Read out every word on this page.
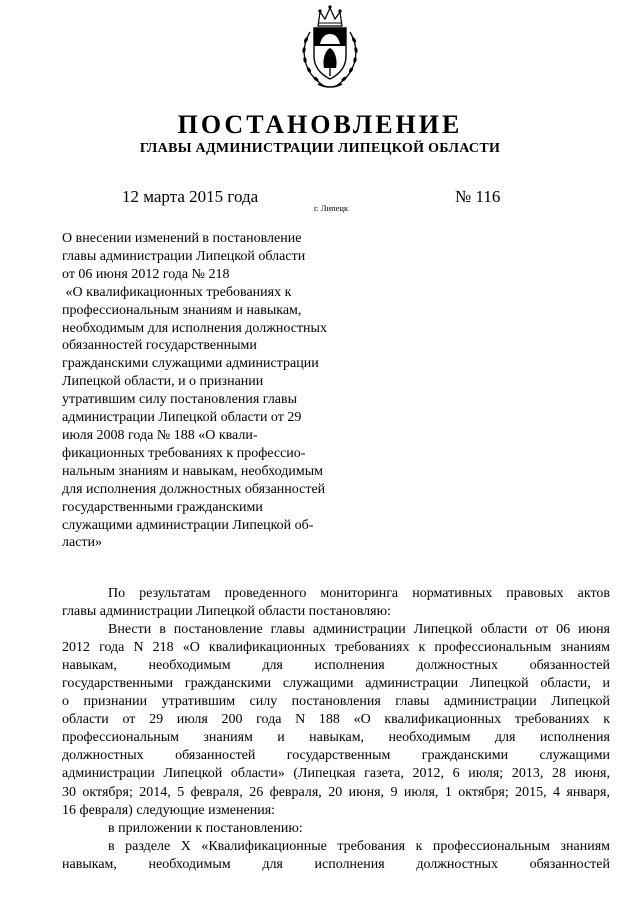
ПОСТАНОВЛЕНИЕ
ГЛАВЫ АДМИНИСТРАЦИИ ЛИПЕЦКОЙ ОБЛАСТИ
12 марта 2015 года
г. Липецк
№ 116
О внесении изменений в постановление
главы администрации Липецкой области
от 06 июня 2012 года № 218
«О квалификационных требованиях к
профессиональным знаниям и навыкам,
необходимым для исполнения должностных
обязанностей государственными
гражданскими служащими администрации
Липецкой области, и о признании
утратившим силу постановления главы
администрации Липецкой области от 29
июля 2008 года № 188 «О квали-
фикационных требованиях к профессио-
нальным знаниям и навыкам, необходимым
для исполнения должностных обязанностей
государственными гражданскими
служащими администрации Липецкой об-
ласти»
По результатам проведенного мониторинга нормативных правовых актов
главы администрации Липецкой области постановляю:
Внести в постановление главы администрации Липецкой области от 06 июня
2012 года N 218 «О квалификационных требованиях к профессиональным знаниям
навыкам, необходимым для исполнения должностных обязанностей
государственными гражданскими служащими администрации Липецкой области, и
о признании утратившим силу постановления главы администрации Липецкой
области от 29 июля 200 года N 188 «О квалификационных требованиях к
профессиональным знаниям и навыкам, необходимым для исполнения
должностных обязанностей государственным гражданскими служащими
администрации Липецкой области» (Липецкая газета, 2012, 6 июля; 2013, 28 июня,
30 октября; 2014, 5 февраля, 26 февраля, 20 июня, 9 июля, 1 октября; 2015, 4 января,
16 февраля) следующие изменения:
в приложении к постановлению:
в разделе X «Квалификационные требования к профессиональным знаниям
навыкам, необходимым для исполнения должностных обязанностей
